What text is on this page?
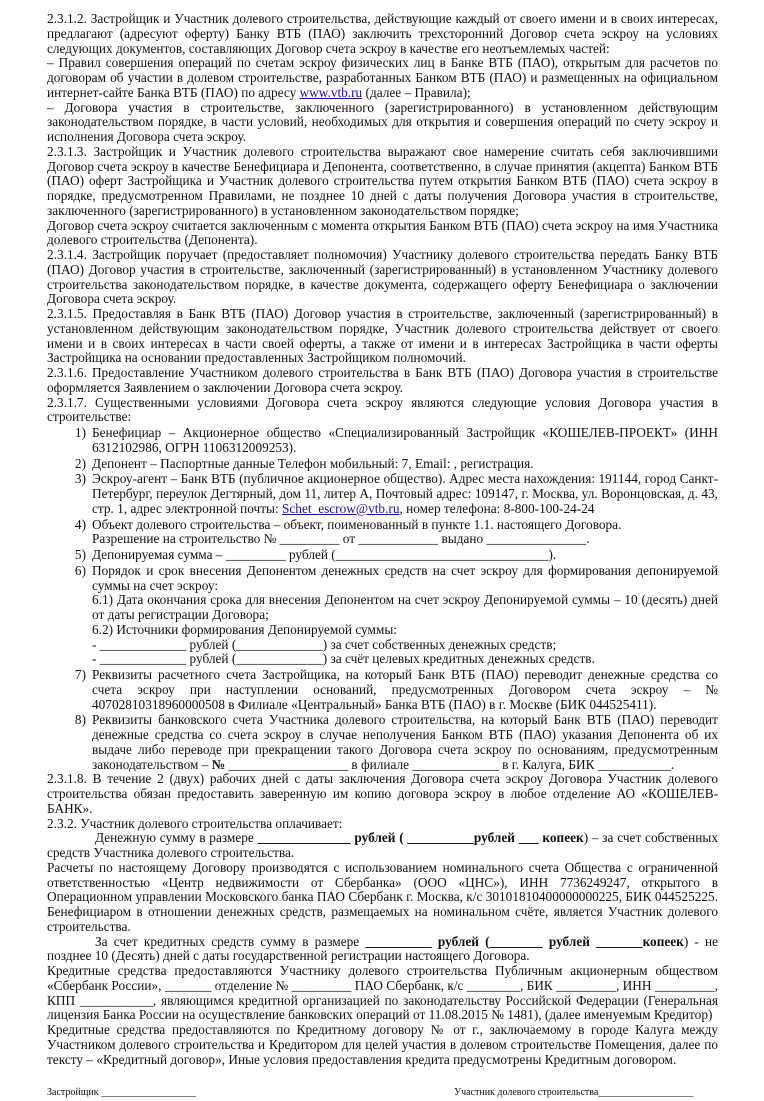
2.3.1.2. Застройщик и Участник долевого строительства, действующие каждый от своего имени и в своих интересах, предлагают (адресуют оферту) Банку ВТБ (ПАО) заключить трехсторонний Договор счета эскроу на условиях следующих документов, составляющих Договор счета эскроу в качестве его неотъемлемых частей:

– Правил совершения операций по счетам эскроу физических лиц в Банке ВТБ (ПАО), открытым для расчетов по договорам об участии в долевом строительстве, разработанных Банком ВТБ (ПАО) и размещенных на официальном интернет-сайте Банка ВТБ (ПАО) по адресу www.vtb.ru (далее – Правила);

– Договора участия в строительстве, заключенного (зарегистрированного) в установленном действующим законодательством порядке, в части условий, необходимых для открытия и совершения операций по счету эскроу и исполнения Договора счета эскроу.

2.3.1.3. Застройщик и Участник долевого строительства выражают свое намерение считать себя заключившими Договор счета эскроу в качестве Бенефициара и Депонента, соответственно, в случае принятия (акцепта) Банком ВТБ (ПАО) оферт Застройщика и Участник долевого строительства путем открытия Банком ВТБ (ПАО) счета эскроу в порядке, предусмотренном Правилами, не позднее 10 дней с даты получения Договора участия в строительстве, заключенного (зарегистрированного) в установленном законодательством порядке;

Договор счета эскроу считается заключенным с момента открытия Банком ВТБ (ПАО) счета эскроу на имя Участника долевого строительства (Депонента).

2.3.1.4. Застройщик поручает (предоставляет полномочия) Участнику долевого строительства передать Банку ВТБ (ПАО) Договор участия в строительстве, заключенный (зарегистрированный) в установленном Участнику долевого строительства законодательством порядке, в качестве документа, содержащего оферту Бенефициара о заключении Договора счета эскроу.

2.3.1.5. Предоставляя в Банк ВТБ (ПАО) Договор участия в строительстве, заключенный (зарегистрированный) в установленном действующим законодательством порядке, Участник долевого строительства действует от своего имени и в своих интересах в части своей оферты, а также от имени и в интересах Застройщика в части оферты Застройщика на основании предоставленных Застройщиком полномочий.

2.3.1.6. Предоставление Участником долевого строительства в Банк ВТБ (ПАО) Договора участия в строительстве оформляется Заявлением о заключении Договора счета эскроу.

2.3.1.7. Существенными условиями Договора счета эскроу являются следующие условия Договора участия в строительстве:

1) Бенефициар – Акционерное общество «Специализированный Застройщик «КОШЕЛЕВ-ПРОЕКТ» (ИНН 6312102986, ОГРН 1106312009253).
2) Депонент – Паспортные данные Телефон мобильный: 7, Email: , регистрация.
3) Эскроу-агент – Банк ВТБ (публичное акционерное общество). Адрес места нахождения: 191144, город Санкт-Петербург, переулок Дегтярный, дом 11, литер А, Почтовый адрес: 109147, г. Москва, ул. Воронцовская, д. 43, стр. 1, адрес электронной почты: Schet_escrow@vtb.ru, номер телефона: 8-800-100-24-24
4) Объект долевого строительства – объект, поименованный в пункте 1.1. настоящего Договора.
Разрешение на строительство № _________ от ____________ выдано _______________.
5) Депонируемая сумма – _________ рублей (________________________________).
6) Порядок и срок внесения Депонентом денежных средств на счет эскроу для формирования депонируемой суммы на счет эскроу:

6.1) Дата окончания срока для внесения Депонентом на счет эскроу Депонируемой суммы – 10 (десять) дней от даты регистрации Договора;

6.2) Источники формирования Депонируемой суммы:

- _____________ рублей (_____________) за счет собственных денежных средств;

- _____________ рублей (_____________) за счёт целевых кредитных денежных средств.

7) Реквизиты расчетного счета Застройщика, на который Банк ВТБ (ПАО) переводит денежные средства со счета эскроу при наступлении оснований, предусмотренных Договором счета эскроу – № 40702810318960000508 в Филиале «Центральный» Банка ВТБ (ПАО) в г. Москве (БИК 044525411).
8) Реквизиты банковского счета Участника долевого строительства, на который Банк ВТБ (ПАО) переводит денежные средства со счета эскроу в случае неполучения Банком ВТБ (ПАО) указания Депонента об их выдаче либо переводе при прекращении такого Договора счета эскроу по основаниям, предусмотренным законодательством – № __________________ в филиале _____________ в г. Калуга, БИК ___________.

2.3.1.8. В течение 2 (двух) рабочих дней с даты заключения Договора счета эскроу Договора Участник долевого строительства обязан предоставить заверенную им копию договора эскроу в любое отделение АО «КОШЕЛЕВ-БАНК».

2.3.2. Участник долевого строительства оплачивает:

Денежную сумму в размере ______________ рублей ( __________рублей ___ копеек) – за счет собственных средств Участника долевого строительства.

Расчеты по настоящему Договору производятся с использованием номинального счета Общества с ограниченной ответственностью «Центр недвижимости от Сбербанка» (ООО «ЦНС»), ИНН 7736249247, открытого в Операционном управлении Московского банка ПАО Сбербанк г. Москва, к/с 30101810400000000225, БИК 044525225. Бенефициаром в отношении денежных средств, размещаемых на номинальном счёте, является Участник долевого строительства.

За счет кредитных средств сумму в размере __________ рублей (________ рублей _______копеек) - не позднее 10 (Десять) дней с даты государственной регистрации настоящего Договора.

Кредитные средства предоставляются Участнику долевого строительства Публичным акционерным обществом «Сбербанк России», _______ отделение № _________ ПАО Сбербанк, к/с ________, БИК _________, ИНН _________, КПП ___________, являющимся кредитной организацией по законодательству Российской Федерации (Генеральная лицензия Банка России на осуществление банковских операций от 11.08.2015 № 1481), (далее именуемым Кредитор)

Кредитные средства предоставляются по Кредитному договору № от г., заключаемому в городе Калуга между Участником долевого строительства и Кредитором для целей участия в долевом строительстве Помещения, далее по тексту – «Кредитный договор», Иные условия предоставления кредита предусмотрены Кредитным договором.

Застройщик ___________________	Участник долевого строительства___________________
